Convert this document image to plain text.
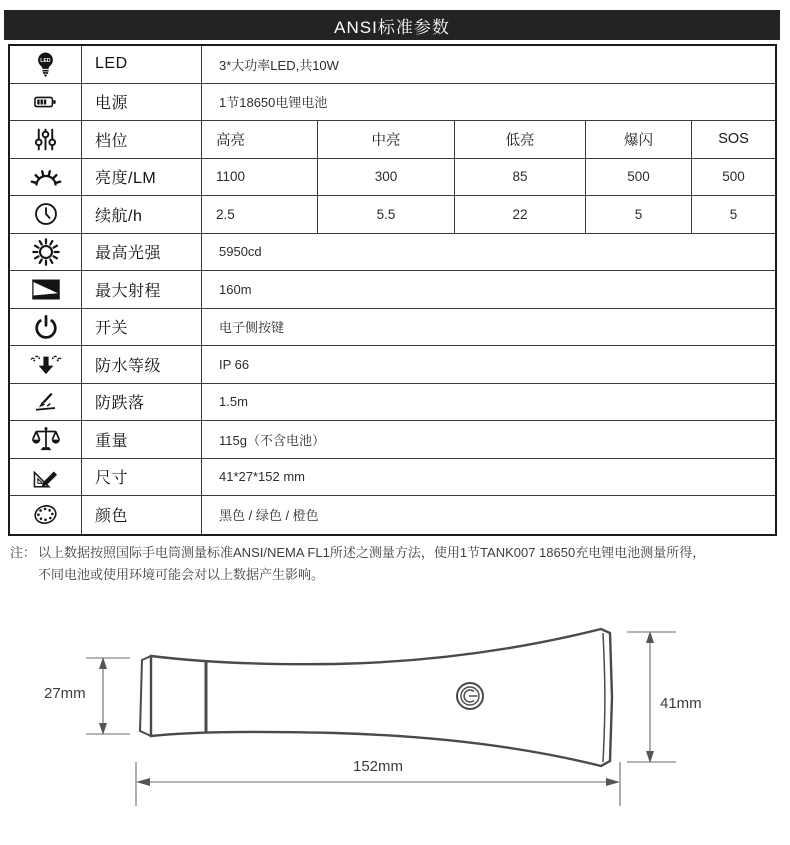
ANSI标准参数
LED	LED	3*大功率LED,共10W
电源	1节18650电锂电池
档位	高亮	中亮	低亮	爆闪	SOS
亮度/LM	1100	300	85	500	500
续航/h	2.5	5.5	22	5	5
最高光强	5950cd
最大射程	160m
开关	电子侧按键
防水等级	IP 66
防跌落	1.5m
重量	115g（不含电池）
尺寸	41*27*152 mm
颜色	黑色 / 绿色 / 橙色
注： 以上数据按照国际手电筒测量标准ANSI/NEMA FL1所述之测量方法，使用1节TANK007 18650充电锂电池测量所得，
不同电池或使用环境可能会对以上数据产生影响。
27mm
41mm
152mm
